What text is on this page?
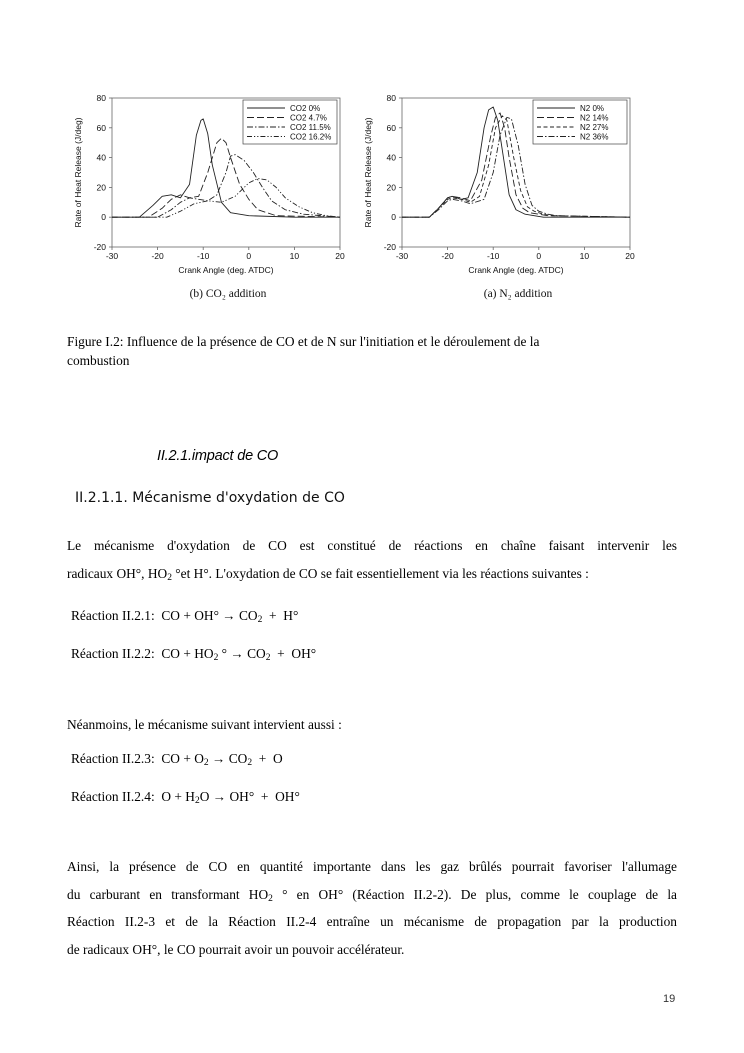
-20
0
20
40
60
80
-30	-20	-10	0	10	20
Crank Angle (deg. ATDC)
Rate of Heat Release (J/deg)
CO2 0%
CO2 4.7%
CO2 11.5%
CO2 16.2%
(b) CO₂ addition
-20
0
20
40
60
80
-30	-20	-10	0	10	20
Crank Angle (deg. ATDC)
Rate of Heat Release (J/deg)
N2 0%
N2 14%
N2 27%
N2 36%
(a) N₂ addition
Figure I.2: Influence de la présence de CO et de N sur l'initiation et le déroulement de la
combustion
II.2.1.impact de CO
II.2.1.1. Mécanisme d'oxydation de CO
Le mécanisme d'oxydation de CO est constitué de réactions en chaîne faisant intervenir les
radicaux OH°, $HO_2$ °et H°. L'oxydation de CO se fait essentiellement via les réactions suivantes :
Réaction II.2.1: CO + $OH^\circ \to CO_2 + H^\circ$
Réaction II.2.2: CO + $HO_2$ ° → $CO_2 + OH^\circ$
Néanmoins, le mécanisme suivant intervient aussi :
Réaction II.2.3: CO + $O_2 \to CO_2 + O$
Réaction II.2.4: $O + H_2O \to OH^\circ + OH^\circ$
Ainsi, la présence de CO en quantité importante dans les gaz brûlés pourrait favoriser l'allumage
du carburant en transformant $HO_2$ ° en OH° (Réaction II.2-2). De plus, comme le couplage de la
Réaction II.2-3 et de la Réaction II.2-4 entraîne un mécanisme de propagation par la production
de radicaux OH°, le CO pourrait avoir un pouvoir accélérateur.
19
